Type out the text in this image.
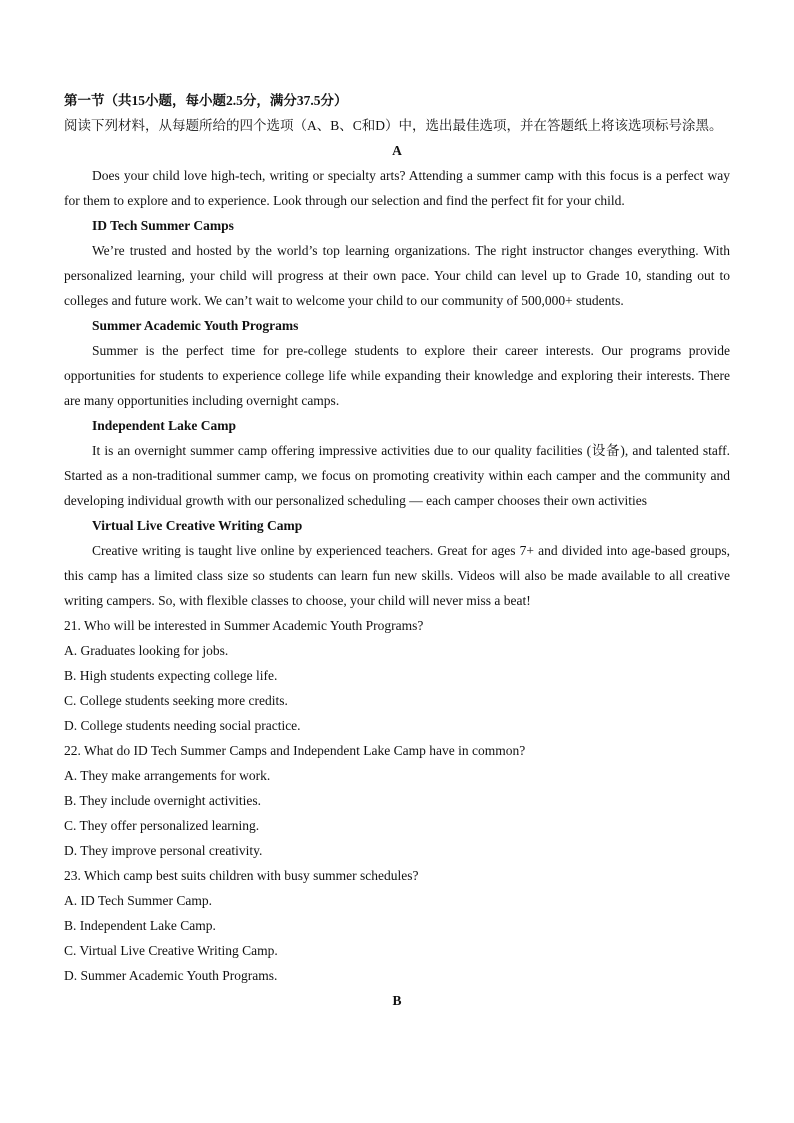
第一节（共15小题，每小题2.5分，满分37.5分）
阅读下列材料，从每题所给的四个选项（A、B、C和D）中，选出最佳选项，并在答题纸上将该选项标号涂黑。
A

Does your child love high-tech, writing or specialty arts? Attending a summer camp with this focus is a perfect way for them to explore and to experience. Look through our selection and find the perfect fit for your child.

ID Tech Summer Camps

We’re trusted and hosted by the world’s top learning organizations. The right instructor changes everything. With personalized learning, your child will progress at their own pace. Your child can level up to Grade 10, standing out to colleges and future work. We can’t wait to welcome your child to our community of 500,000+ students.

Summer Academic Youth Programs

Summer is the perfect time for pre-college students to explore their career interests. Our programs provide opportunities for students to experience college life while expanding their knowledge and exploring their interests. There are many opportunities including overnight camps.

Independent Lake Camp

It is an overnight summer camp offering impressive activities due to our quality facilities (设备), and talented staff. Started as a non-traditional summer camp, we focus on promoting creativity within each camper and the community and developing individual growth with our personalized scheduling — each camper chooses their own activities

Virtual Live Creative Writing Camp

Creative writing is taught live online by experienced teachers. Great for ages 7+ and divided into age-based groups, this camp has a limited class size so students can learn fun new skills. Videos will also be made available to all creative writing campers. So, with flexible classes to choose, your child will never miss a beat!

21. Who will be interested in Summer Academic Youth Programs?
A. Graduates looking for jobs.
B. High students expecting college life.
C. College students seeking more credits.
D. College students needing social practice.
22. What do ID Tech Summer Camps and Independent Lake Camp have in common?
A. They make arrangements for work.
B. They include overnight activities.
C. They offer personalized learning.
D. They improve personal creativity.
23. Which camp best suits children with busy summer schedules?
A. ID Tech Summer Camp.
B. Independent Lake Camp.
C. Virtual Live Creative Writing Camp.
D. Summer Academic Youth Programs.
B
